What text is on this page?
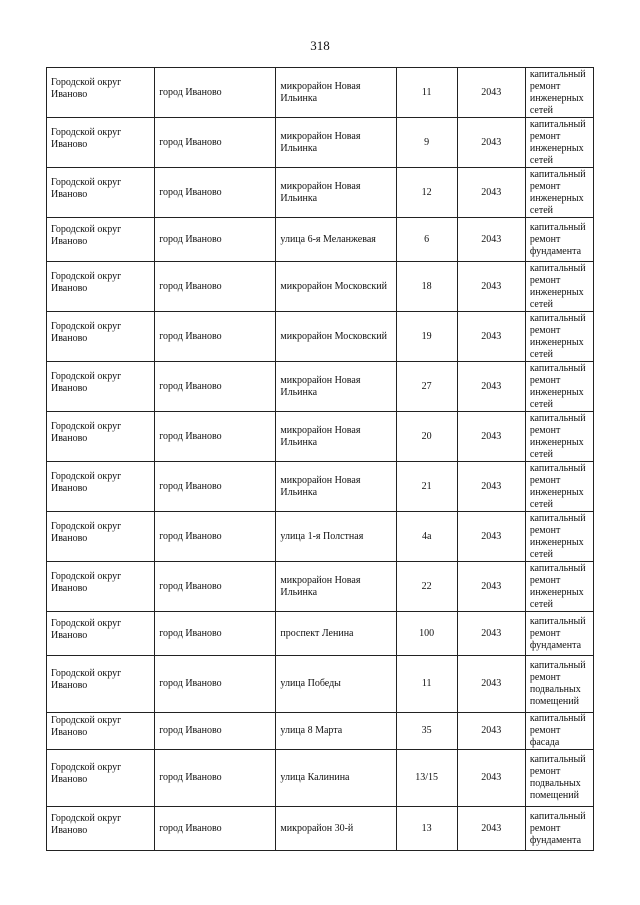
318
Городской округ Иваново	город Иваново	микрорайон Новая Ильинка	11	2043	капитальный ремонт инженерных сетей

Городской округ Иваново	город Иваново	микрорайон Новая Ильинка	9	2043	капитальный ремонт инженерных сетей

Городской округ Иваново	город Иваново	микрорайон Новая Ильинка	12	2043	капитальный ремонт инженерных сетей

Городской округ Иваново	город Иваново	улица 6-я Меланжевая	6	2043	капитальный ремонт фундамента

Городской округ Иваново	город Иваново	микрорайон Московский	18	2043	капитальный ремонт инженерных сетей

Городской округ Иваново	город Иваново	микрорайон Московский	19	2043	капитальный ремонт инженерных сетей

Городской округ Иваново	город Иваново	микрорайон Новая Ильинка	27	2043	капитальный ремонт инженерных сетей

Городской округ Иваново	город Иваново	микрорайон Новая Ильинка	20	2043	капитальный ремонт инженерных сетей

Городской округ Иваново	город Иваново	микрорайон Новая Ильинка	21	2043	капитальный ремонт инженерных сетей

Городской округ Иваново	город Иваново	улица 1-я Полстная	4а	2043	капитальный ремонт инженерных сетей

Городской округ Иваново	город Иваново	микрорайон Новая Ильинка	22	2043	капитальный ремонт инженерных сетей

Городской округ Иваново	город Иваново	проспект Ленина	100	2043	капитальный ремонт фундамента

Городской округ Иваново	город Иваново	улица Победы	11	2043	капитальный ремонт подвальных помещений

Городской округ Иваново	город Иваново	улица 8 Марта	35	2043	капитальный ремонт фасада

Городской округ Иваново	город Иваново	улица Калинина	13/15	2043	капитальный ремонт подвальных помещений

Городской округ Иваново	город Иваново	микрорайон 30-й	13	2043	капитальный ремонт фундамента
